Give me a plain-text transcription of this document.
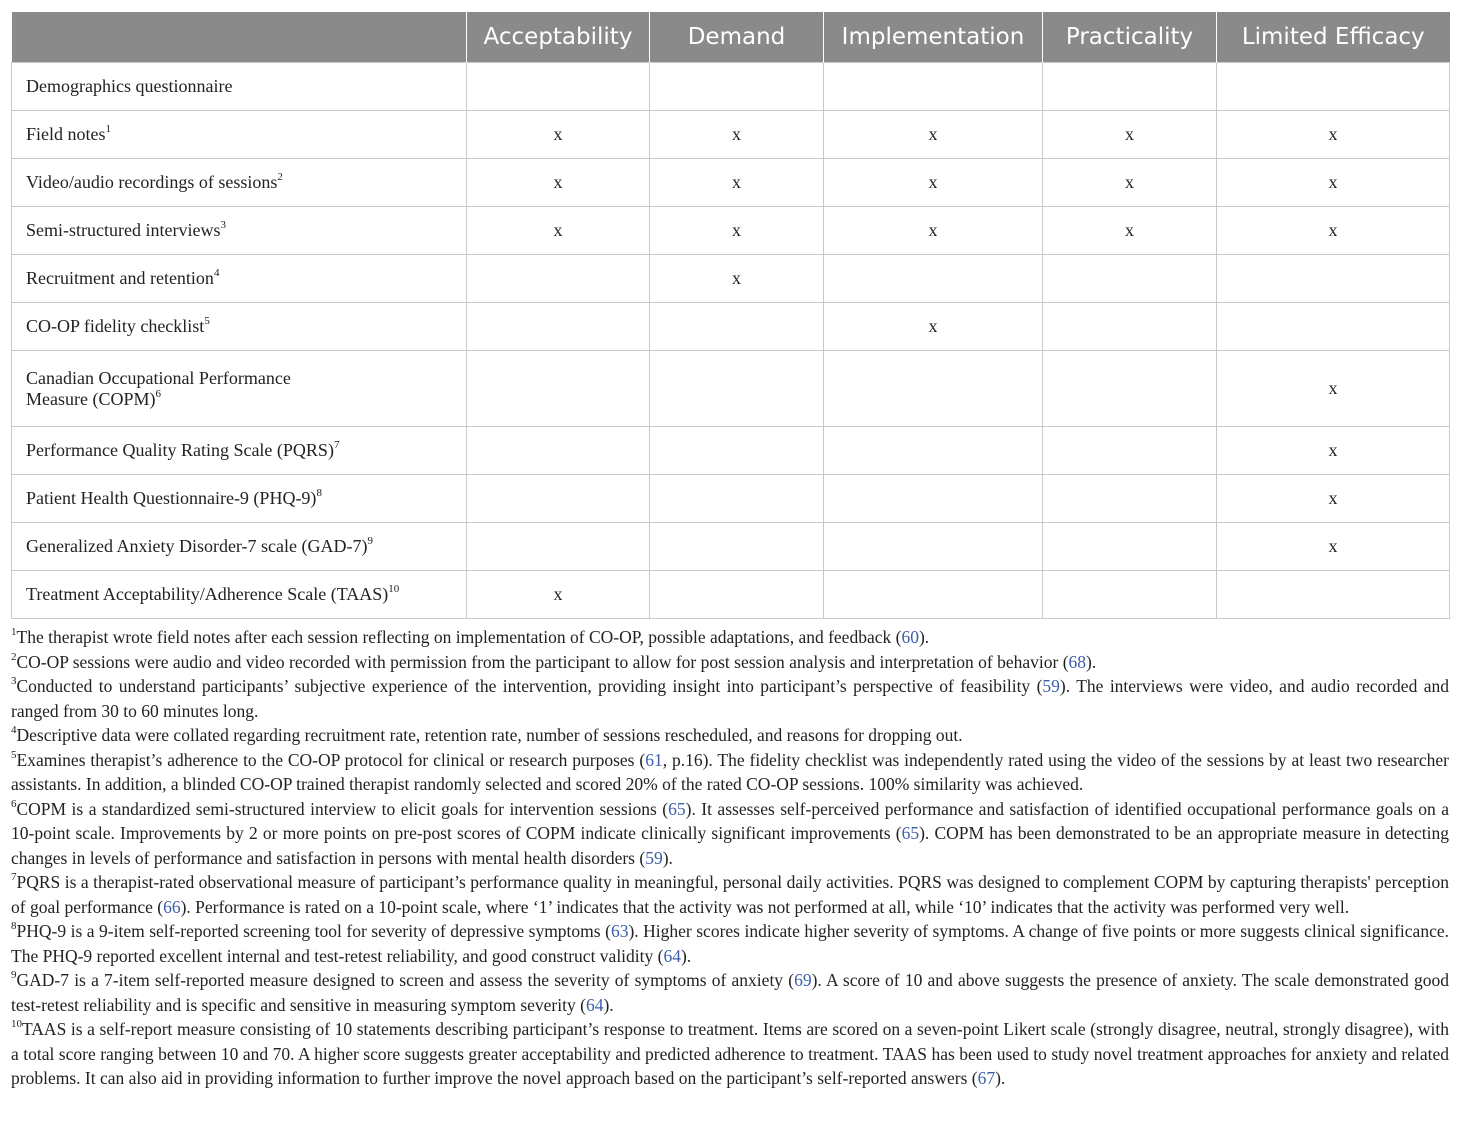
	Acceptability	Demand	Implementation	Practicality	Limited Efficacy
Demographics questionnaire					
Field notes$^1$	x	x	x	x	x
Video/audio recordings of sessions$^2$	x	x	x	x	x
Semi-structured interviews$^3$	x	x	x	x	x
Recruitment and retention$^4$		x			
CO-OP fidelity checklist$^5$			x		
Canadian Occupational Performance
Measure (COPM)$^6$					x
Performance Quality Rating Scale (PQRS)$^7$					x
Patient Health Questionnaire-9 $(PHQ-9)^8$					x
Generalized Anxiety Disorder-7 scale $(GAD-7)^9$					x
Treatment Acceptability/Adherence Scale (TAAS)$^{10}$	x				

$^1$The therapist wrote field notes after each session reflecting on implementation of CO-OP, possible adaptations, and feedback (60).

$^2$CO-OP sessions were audio and video recorded with permission from the participant to allow for post session analysis and interpretation of behavior (68).

$^3$Conducted to understand participants’ subjective experience of the intervention, providing insight into participant’s perspective of feasibility (59). The interviews were video, and audio recorded and ranged from 30 to 60 minutes long.

$^4$Descriptive data were collated regarding recruitment rate, retention rate, number of sessions rescheduled, and reasons for dropping out.

$^5$Examines therapist’s adherence to the CO-OP protocol for clinical or research purposes (61, p.16). The fidelity checklist was independently rated using the video of the sessions by at least two researcher assistants. In addition, a blinded CO-OP trained therapist randomly selected and scored 20% of the rated CO-OP sessions. 100% similarity was achieved.

$^6$COPM is a standardized semi-structured interview to elicit goals for intervention sessions (65). It assesses self-perceived performance and satisfaction of identified occupational performance goals on a 10-point scale. Improvements by 2 or more points on pre-post scores of COPM indicate clinically significant improvements (65). COPM has been demonstrated to be an appropriate measure in detecting changes in levels of performance and satisfaction in persons with mental health disorders (59).

$^7$PQRS is a therapist-rated observational measure of participant’s performance quality in meaningful, personal daily activities. PQRS was designed to complement COPM by capturing therapists' perception of goal performance (66). Performance is rated on a 10-point scale, where ‘1’ indicates that the activity was not performed at all, while ‘10’ indicates that the activity was performed very well.

$^8$PHQ-9 is a 9-item self-reported screening tool for severity of depressive symptoms (63). Higher scores indicate higher severity of symptoms. A change of five points or more suggests clinical significance. The PHQ-9 reported excellent internal and test-retest reliability, and good construct validity (64).

$^9$GAD-7 is a 7-item self-reported measure designed to screen and assess the severity of symptoms of anxiety (69). A score of 10 and above suggests the presence of anxiety. The scale demonstrated good test-retest reliability and is specific and sensitive in measuring symptom severity (64).

$^{10}$TAAS is a self-report measure consisting of 10 statements describing participant’s response to treatment. Items are scored on a seven-point Likert scale (strongly disagree, neutral, strongly disagree), with a total score ranging between 10 and 70. A higher score suggests greater acceptability and predicted adherence to treatment. TAAS has been used to study novel treatment approaches for anxiety and related problems. It can also aid in providing information to further improve the novel approach based on the participant’s self-reported answers (67).
